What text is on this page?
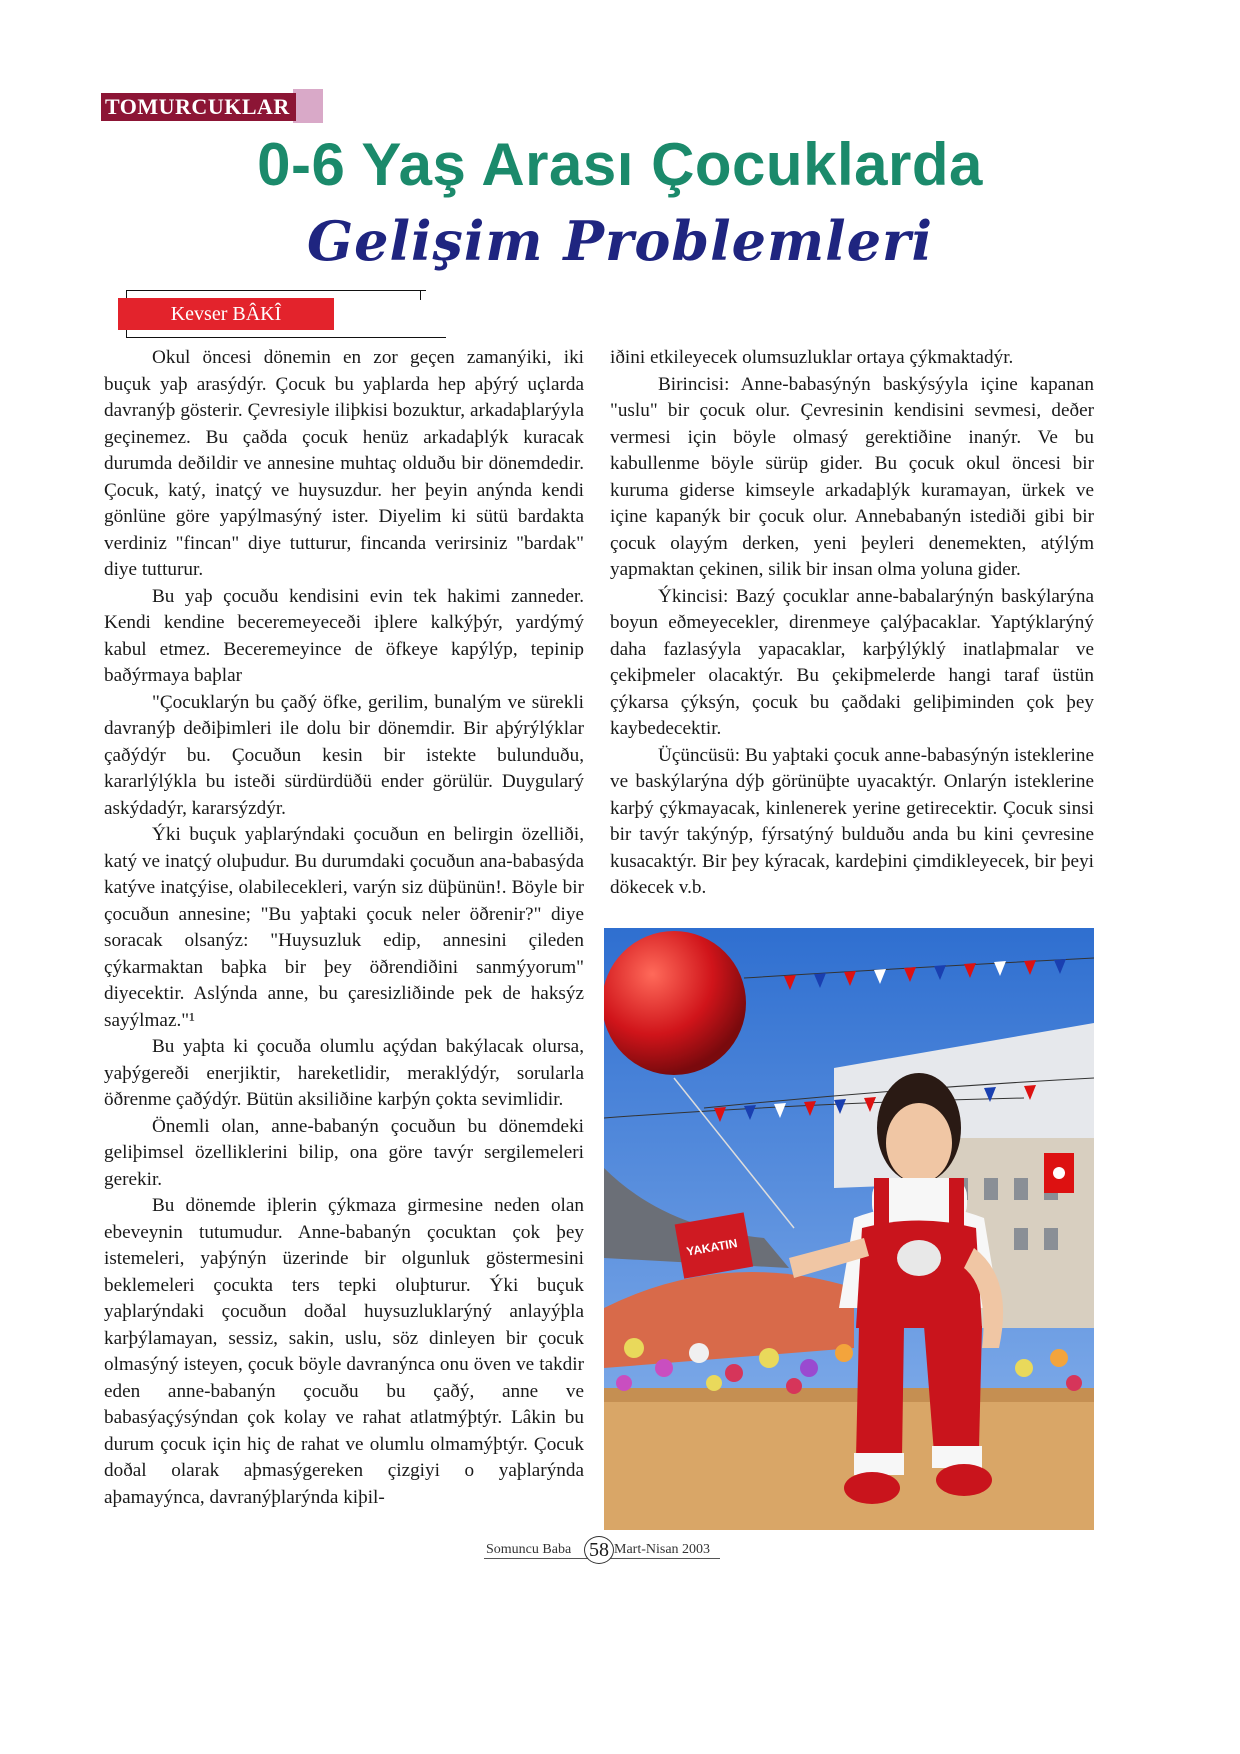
TOMURCUKLAR
0-6 Yaş Arası Çocuklarda
Gelişim Problemleri
Kevser BÂKÎ

Okul öncesi dönemin en zor geçen zamanýiki, iki buçuk yaþ arasýdýr. Çocuk bu yaþlarda hep aþýrý uçlarda davranýþ gösterir. Çevresiyle iliþkisi bozuktur, arkadaþlarýyla geçinemez. Bu çaðda çocuk henüz arkadaþlýk kuracak durumda deðildir ve annesine muhtaç olduðu bir dönemdedir. Çocuk, katý, inatçý ve huysuzdur. her þeyin anýnda kendi gönlüne göre yapýlmasýný ister. Diyelim ki sütü bardakta verdiniz "fincan" diye tutturur, fincanda verirsiniz "bardak" diye tutturur.

Bu yaþ çocuðu kendisini evin tek hakimi zanneder. Kendi kendine beceremeyeceði iþlere kalkýþýr, yardýmý kabul etmez. Beceremeyince de öfkeye kapýlýp, tepinip baðýrmaya baþlar

"Çocuklarýn bu çaðý öfke, gerilim, bunalým ve sürekli davranýþ deðiþimleri ile dolu bir dönemdir. Bir aþýrýlýklar çaðýdýr bu. Çocuðun kesin bir istekte bulunduðu, kararlýlýkla bu isteði sürdürdüðü ender görülür. Duygularý askýdadýr, kararsýzdýr.

Ýki buçuk yaþlarýndaki çocuðun en belirgin özelliði, katý ve inatçý oluþudur. Bu durumdaki çocuðun ana-babasýda katýve inatçýise, olabilecekleri, varýn siz düþünün!. Böyle bir çocuðun annesine; "Bu yaþtaki çocuk neler öðrenir?" diye soracak olsanýz: "Huysuzluk edip, annesini çileden çýkarmaktan baþka bir þey öðrendiðini sanmýyorum" diyecektir. Aslýnda anne, bu çaresizliðinde pek de haksýz sayýlmaz."¹

Bu yaþta ki çocuða olumlu açýdan bakýlacak olursa, yaþýgereði enerjiktir, hareketlidir, meraklýdýr, sorularla öðrenme çaðýdýr. Bütün aksiliðine karþýn çokta sevimlidir.

Önemli olan, anne-babanýn çocuðun bu dönemdeki geliþimsel özelliklerini bilip, ona göre tavýr sergilemeleri gerekir.

Bu dönemde iþlerin çýkmaza girmesine neden olan ebeveynin tutumudur. Anne-babanýn çocuktan çok þey istemeleri, yaþýnýn üzerinde bir olgunluk göstermesini beklemeleri çocukta ters tepki oluþturur. Ýki buçuk yaþlarýndaki çocuðun doðal huysuzluklarýný anlayýþla karþýlamayan, sessiz, sakin, uslu, söz dinleyen bir çocuk olmasýný isteyen, çocuk böyle davranýnca onu öven ve takdir eden anne-babanýn çocuðu bu çaðý, anne ve babasýaçýsýndan çok kolay ve rahat atlatmýþtýr. Lâkin bu durum çocuk için hiç de rahat ve olumlu olmamýþtýr. Çocuk doðal olarak aþmasýgereken çizgiyi o yaþlarýnda aþamayýnca, davranýþlarýnda kiþil-

iðini etkileyecek olumsuzluklar ortaya çýkmaktadýr.

Birincisi: Anne-babasýnýn baskýsýyla içine kapanan "uslu" bir çocuk olur. Çevresinin kendisini sevmesi, deðer vermesi için böyle olmasý gerektiðine inanýr. Ve bu kabullenme böyle sürüp gider. Bu çocuk okul öncesi bir kuruma giderse kimseyle arkadaþlýk kuramayan, ürkek ve içine kapanýk bir çocuk olur. Annebabanýn istediði gibi bir çocuk olayým derken, yeni þeyleri denemekten, atýlým yapmaktan çekinen, silik bir insan olma yoluna gider.

Ýkincisi: Bazý çocuklar anne-babalarýnýn baskýlarýna boyun eðmeyecekler, direnmeye çalýþacaklar. Yaptýklarýný daha fazlasýyla yapacaklar, karþýlýklý inatlaþmalar ve çekiþmeler olacaktýr. Bu çekiþmelerde hangi taraf üstün çýkarsa çýksýn, çocuk bu çaðdaki geliþiminden çok þey kaybedecektir.

Üçüncüsü: Bu yaþtaki çocuk anne-babasýnýn isteklerine ve baskýlarýna dýþ görünüþte uyacaktýr. Onlarýn isteklerine karþý çýkmayacak, kinlenerek yerine getirecektir. Çocuk sinsi bir tavýr takýnýp, fýrsatýný bulduðu anda bu kini çevresine kusacaktýr. Bir þey kýracak, kardeþini çimdikleyecek, bir þeyi dökecek v.b.

YAKATIN
Somuncu Baba 58 Mart-Nisan 2003
